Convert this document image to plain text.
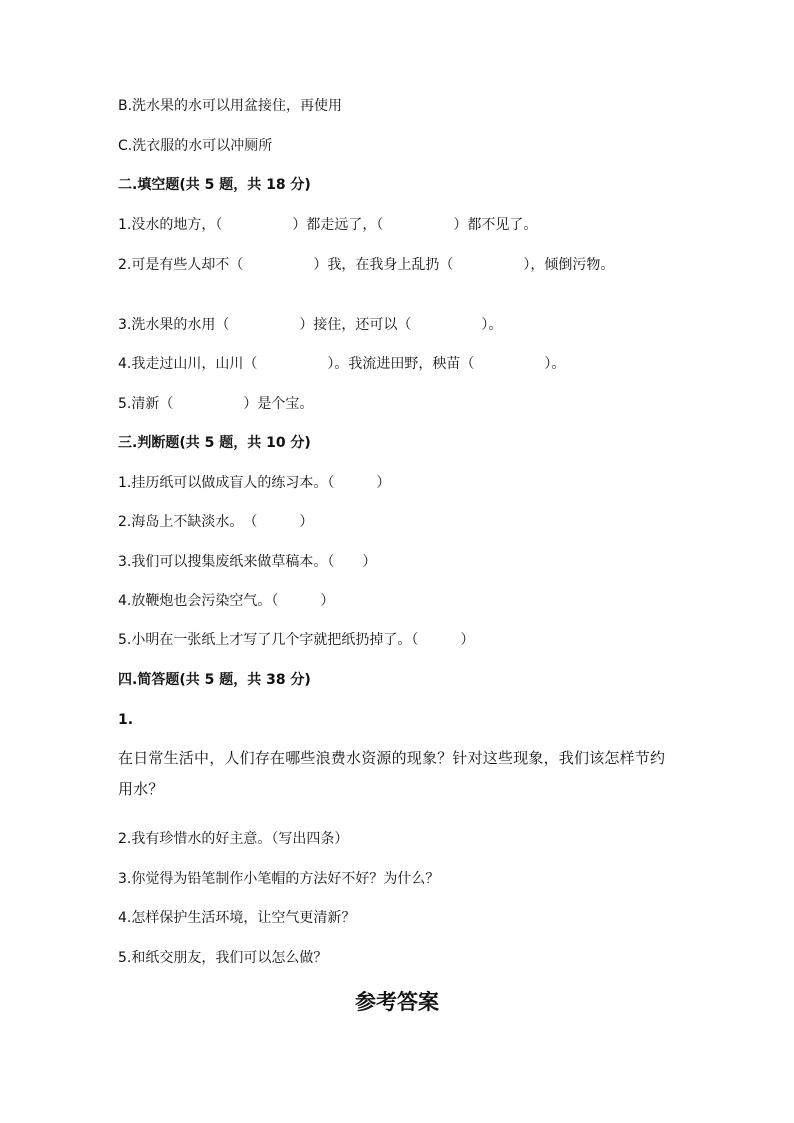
B.洗水果的水可以用盆接住，再使用
C.洗衣服的水可以冲厕所
二.填空题(共 5 题，共 18 分)
1.没水的地方，（　　　　　）都走远了，（　　　　　）都不见了。
2.可是有些人却不（　　　　　）我，在我身上乱扔（　　　　　），倾倒污物。
3.洗水果的水用（　　　　　）接住，还可以（　　　　　）。
4.我走过山川，山川（　　　　　）。我流进田野，秧苗（　　　　　）。
5.清新（　　　　　）是个宝。
三.判断题(共 5 题，共 10 分)
1.挂历纸可以做成盲人的练习本。（　　　）
2.海岛上不缺淡水。　（　　　）
3.我们可以搜集废纸来做草稿本。（　　）
4.放鞭炮也会污染空气。（　　　）
5.小明在一张纸上才写了几个字就把纸扔掉了。（　　　）
四.简答题(共 5 题，共 38 分)
1.
在日常生活中，人们存在哪些浪费水资源的现象？针对这些现象，我们该怎样节约用水？
2.我有珍惜水的好主意。（写出四条）
3.你觉得为铅笔制作小笔帽的方法好不好？为什么？
4.怎样保护生活环境，让空气更清新？
5.和纸交朋友，我们可以怎么做？
参考答案
